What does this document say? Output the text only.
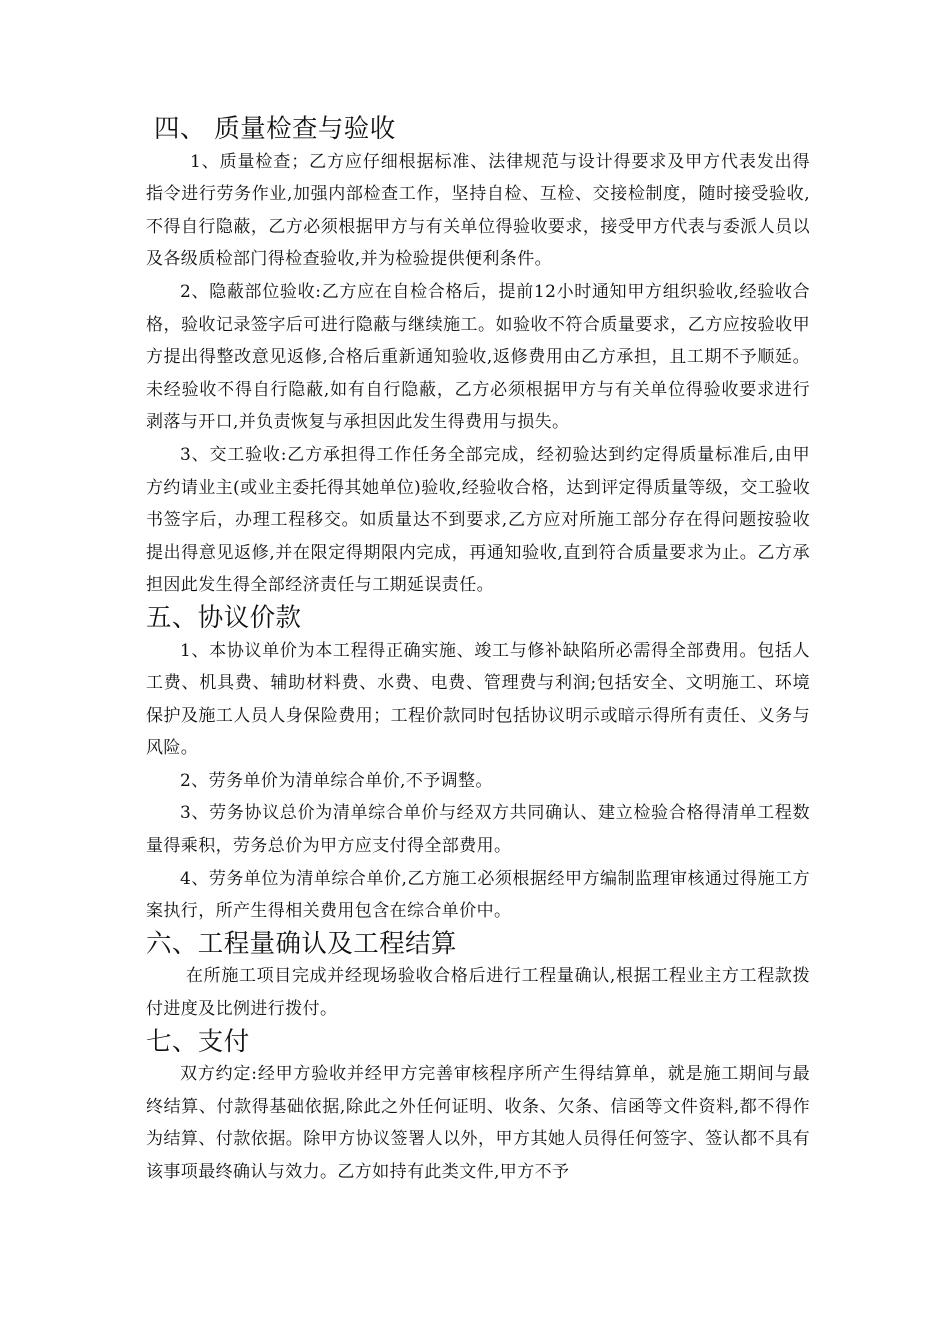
四、 质量检查与验收

1、质量检查；乙方应仔细根据标准、法律规范与设计得要求及甲方代表发出得指令进行劳务作业,加强内部检查工作，坚持自检、互检、交接检制度，随时接受验收,不得自行隐蔽，乙方必须根据甲方与有关单位得验收要求，接受甲方代表与委派人员以及各级质检部门得检查验收,并为检验提供便利条件。

2、隐蔽部位验收:乙方应在自检合格后，提前12小时通知甲方组织验收,经验收合格，验收记录签字后可进行隐蔽与继续施工。如验收不符合质量要求，乙方应按验收甲方提出得整改意见返修,合格后重新通知验收,返修费用由乙方承担，且工期不予顺延。未经验收不得自行隐蔽,如有自行隐蔽，乙方必须根据甲方与有关单位得验收要求进行剥落与开口,并负责恢复与承担因此发生得费用与损失。

3、交工验收:乙方承担得工作任务全部完成，经初验达到约定得质量标准后,由甲方约请业主(或业主委托得其她单位)验收,经验收合格，达到评定得质量等级，交工验收书签字后，办理工程移交。如质量达不到要求,乙方应对所施工部分存在得问题按验收提出得意见返修,并在限定得期限内完成，再通知验收,直到符合质量要求为止。乙方承担因此发生得全部经济责任与工期延误责任。

五、协议价款

1、本协议单价为本工程得正确实施、竣工与修补缺陷所必需得全部费用。包括人工费、机具费、辅助材料费、水费、电费、管理费与利润;包括安全、文明施工、环境保护及施工人员人身保险费用；工程价款同时包括协议明示或暗示得所有责任、义务与风险。

2、劳务单价为清单综合单价,不予调整。

3、劳务协议总价为清单综合单价与经双方共同确认、建立检验合格得清单工程数量得乘积，劳务总价为甲方应支付得全部费用。

4、劳务单位为清单综合单价,乙方施工必须根据经甲方编制监理审核通过得施工方案执行，所产生得相关费用包含在综合单价中。

六、工程量确认及工程结算

在所施工项目完成并经现场验收合格后进行工程量确认,根据工程业主方工程款拨付进度及比例进行拨付。

七、支付

双方约定:经甲方验收并经甲方完善审核程序所产生得结算单，就是施工期间与最终结算、付款得基础依据,除此之外任何证明、收条、欠条、信函等文件资料,都不得作为结算、付款依据。除甲方协议签署人以外，甲方其她人员得任何签字、签认都不具有该事项最终确认与效力。乙方如持有此类文件,甲方不予
